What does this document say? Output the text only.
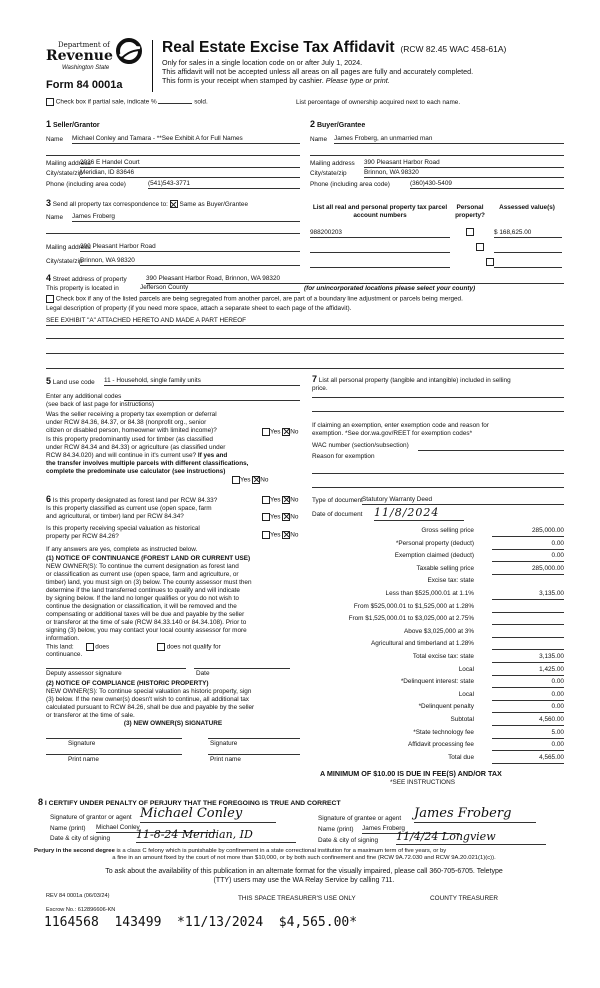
Department of
Revenue
Washington State
Form 84 0001a
Real Estate Excise Tax Affidavit (RCW 82.45 WAC 458-61A)
Only for sales in a single location code on or after July 1, 2024.
This affidavit will not be accepted unless all areas on all pages are fully and accurately completed.
This form is your receipt when stamped by cashier. Please type or print.
Check box if partial sale, indicate %	sold.	List percentage of ownership acquired next to each name.
1 Seller/Grantor
Name Michael Conley and Tamara - **See Exhibit A for Full Names
Mailing address
2036 E Handel Court
City/state/zip
Meridian, ID 83646
Phone (including area code)	(541)543-3771
2 Buyer/Grantee
Name James Froberg, an unmarried man
Mailing address 390 Pleasant Harbor Road
City/state/zip	Brinnon, WA 98320
Phone (including area code)	(360)430-5409
3 Send all property tax correspondence to: Same as Buyer/Grantee
Name James Froberg
Mailing address
390 Pleasant Harbor Road
City/state/zip
Brinnon, WA 98320
List all real and personal property tax parcel account numbers
Personal property?
Assessed value(s)
988200203
	$ 168,625.00

4 Street address of property	390 Pleasant Harbor Road, Brinnon, WA 98320
This property is located in	Jefferson County	(for unincorporated locations please select your county)
Check box if any of the listed parcels are being segregated from another parcel, are part of a boundary line adjustment or parcels being merged.
Legal description of property (if you need more space, attach a separate sheet to each page of the affidavit).
SEE EXHIBIT "A" ATTACHED HERETO AND MADE A PART HEREOF
5 Land use code 11 - Household, single family units
Enter any additional codes
(see back of last page for instructions)
Was the seller receiving a property tax exemption or deferral
under RCW 84.36, 84.37, or 84.38 (nonprofit org., senior
citizen or disabled person, homeowner with limited income)?	Yes No
Is this property predominantly used for timber (as classified
under RCW 84.34 and 84.33) or agriculture (as classified under
RCW 84.34.020) and will continue in it's current use? If yes and
the transfer involves multiple parcels with different classifications,
complete the predominate use calculator (see instructions)
Yes No
7 List all personal property (tangible and intangible) included in selling
price.
If claiming an exemption, enter exemption code and reason for
exemption. *See dor.wa.gov/REET for exemption codes*
WAC number (section/subsection)
Reason for exemption
6 Is this property designated as forest land per RCW 84.33?	Yes No
Is this property classified as current use (open space, farm
and agricultural, or timber) land per RCW 84.34?	Yes No
Is this property receiving special valuation as historical
property per RCW 84.26?	Yes No
If any answers are yes, complete as instructed below.
(1) NOTICE OF CONTINUANCE (FOREST LAND OR CURRENT USE)
NEW OWNER(S): To continue the current designation as forest land
or classification as current use (open space, farm and agriculture, or
timber) land, you must sign on (3) below. The county assessor must then
determine if the land transferred continues to qualify and will indicate
by signing below. If the land no longer qualifies or you do not wish to
continue the designation or classification, it will be removed and the
compensating or additional taxes will be due and payable by the seller
or transferor at the time of sale (RCW 84.33.140 or 84.34.108). Prior to
signing (3) below, you may contact your local county assessor for more
information.
This land:	does	does not qualify for
continuance.
Deputy assessor signature	Date
(2) NOTICE OF COMPLIANCE (HISTORIC PROPERTY)
NEW OWNER(S): To continue special valuation as historic property, sign
(3) below. If the new owner(s) doesn't wish to continue, all additional tax
calculated pursuant to RCW 84.26, shall be due and payable by the seller
or transferor at the time of sale.
(3) NEW OWNER(S) SIGNATURE
Signature	Signature
Print name	Print name
Type of document Statutory Warranty Deed
Date of document 11/8/2024
Gross selling price	285,000.00
*Personal property (deduct)	0.00
Exemption claimed (deduct)	0.00
Taxable selling price	285,000.00
Excise tax: state
Less than $525,000.01 at 1.1%	3,135.00
From $525,000.01 to $1,525,000 at 1.28%
From $1,525,000.01 to $3,025,000 at 2.75%
Above $3,025,000 at 3%
Agricultural and timberland at 1.28%
Total excise tax: state	3,135.00
Local	1,425.00
*Delinquent interest: state	0.00
Local	0.00
*Delinquent penalty	0.00
Subtotal	4,560.00
*State technology fee	5.00
Affidavit processing fee	0.00
Total due	4,565.00
A MINIMUM OF $10.00 IS DUE IN FEE(S) AND/OR TAX
*SEE INSTRUCTIONS
8 I CERTIFY UNDER PENALTY OF PERJURY THAT THE FOREGOING IS TRUE AND CORRECT
Signature of grantor or agent Michael Conley
Name (print) Michael Conley
Date & city of signing 11-8-24 Meridian, ID
Signature of grantee or agent James Froberg
Name (print) James Froberg
Date & city of signing 11/4/24 Longview
Perjury in the second degree is a class C felony which is punishable by confinement in a state correctional institution for a maximum term of five years, or by
a fine in an amount fixed by the court of not more than $10,000, or by both such confinement and fine (RCW 9A.72.030 and RCW 9A.20.021(1)(c)).
To ask about the availability of this publication in an alternate format for the visually impaired, please call 360-705-6705. Teletype
(TTY) users may use the WA Relay Service by calling 711.
REV 84 0001a (06/03/24)	THIS SPACE TREASURER'S USE ONLY	COUNTY TREASURER
Escrow No.: 612896606-KN
1164568  143499  *11/13/2024  $4,565.00*
